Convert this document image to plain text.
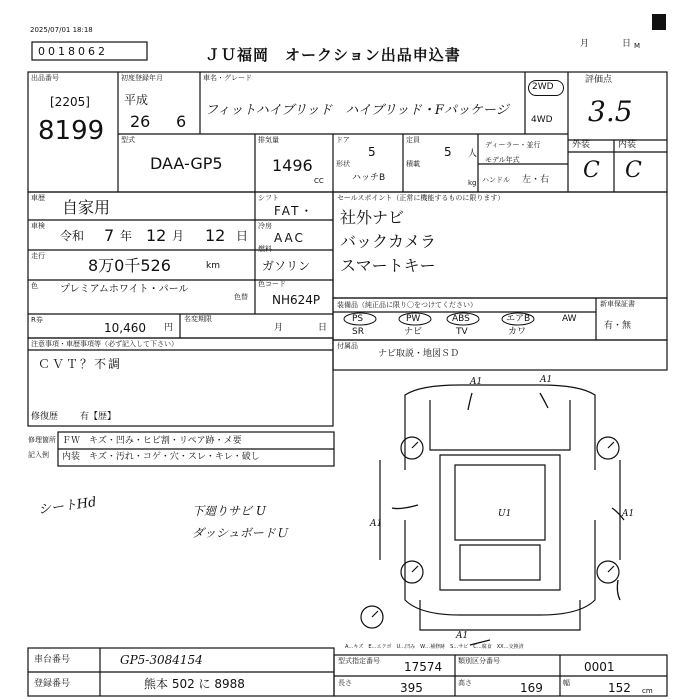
2025/07/01 18:18
0018062	ＪＵ福岡　オークション出品申込書
月	日 M
出品番号
[2205]
8199
初度登録年月
平成
26 6
車名・グレード
フィットハイブリッド　ハイブリッド・Fパッケージ
2WD
4WD
評価点
3.5
型式
DAA-GP5
排気量
1496
CC
ドア
5
形状
ハッチB
定員
5 人
積載
kg
ディーラー・並行
モデル年式
ハンドル 左・右
外装	内装
C C
車歴 自家用	シフト
FAT・
車検
令和 7 年 12 月 12 日
冷房
AAC
走行	8万0千526	km
燃料
ガソリン
色 プレミアムホワイト・パール
色替
色コード
NH624P
R券
10,460 円
名変期限
月	日
セールスポイント（正常に機能するものに限ります）
社外ナビ
バックカメラ
スマートキー
装備品（純正品に限り〇をつけてください）
PS	PW	ABS	エアB	AW
SR	ナビ	TV	カワ
新車保証書
有・無
付属品
ナビ取説・地図ＳＤ
注意事項・車歴事項等（必ず記入して下さい）
ＣＶＴ？不調
修復歴 有【歴】
修理箇所
記入例
ＦＷ　キズ・凹み・ヒビ割・リペア跡・メ要
内装　キズ・汚れ・コゲ・穴・スレ・キレ・破し
シートHd	下廻りサビ U
ダッシュボードＵ
A1	A1
U1
A1
A1
A1
A…キズ　E…エクボ　U…凹み　W…補修跡　S…サビ　C…腐食　XX…交換済
車台番号	GP5-3084154
登録番号	熊本 502 に 8988
型式指定番号 17574 類別区分番号	0001
長さ	395	高さ	169	幅	152 cm
